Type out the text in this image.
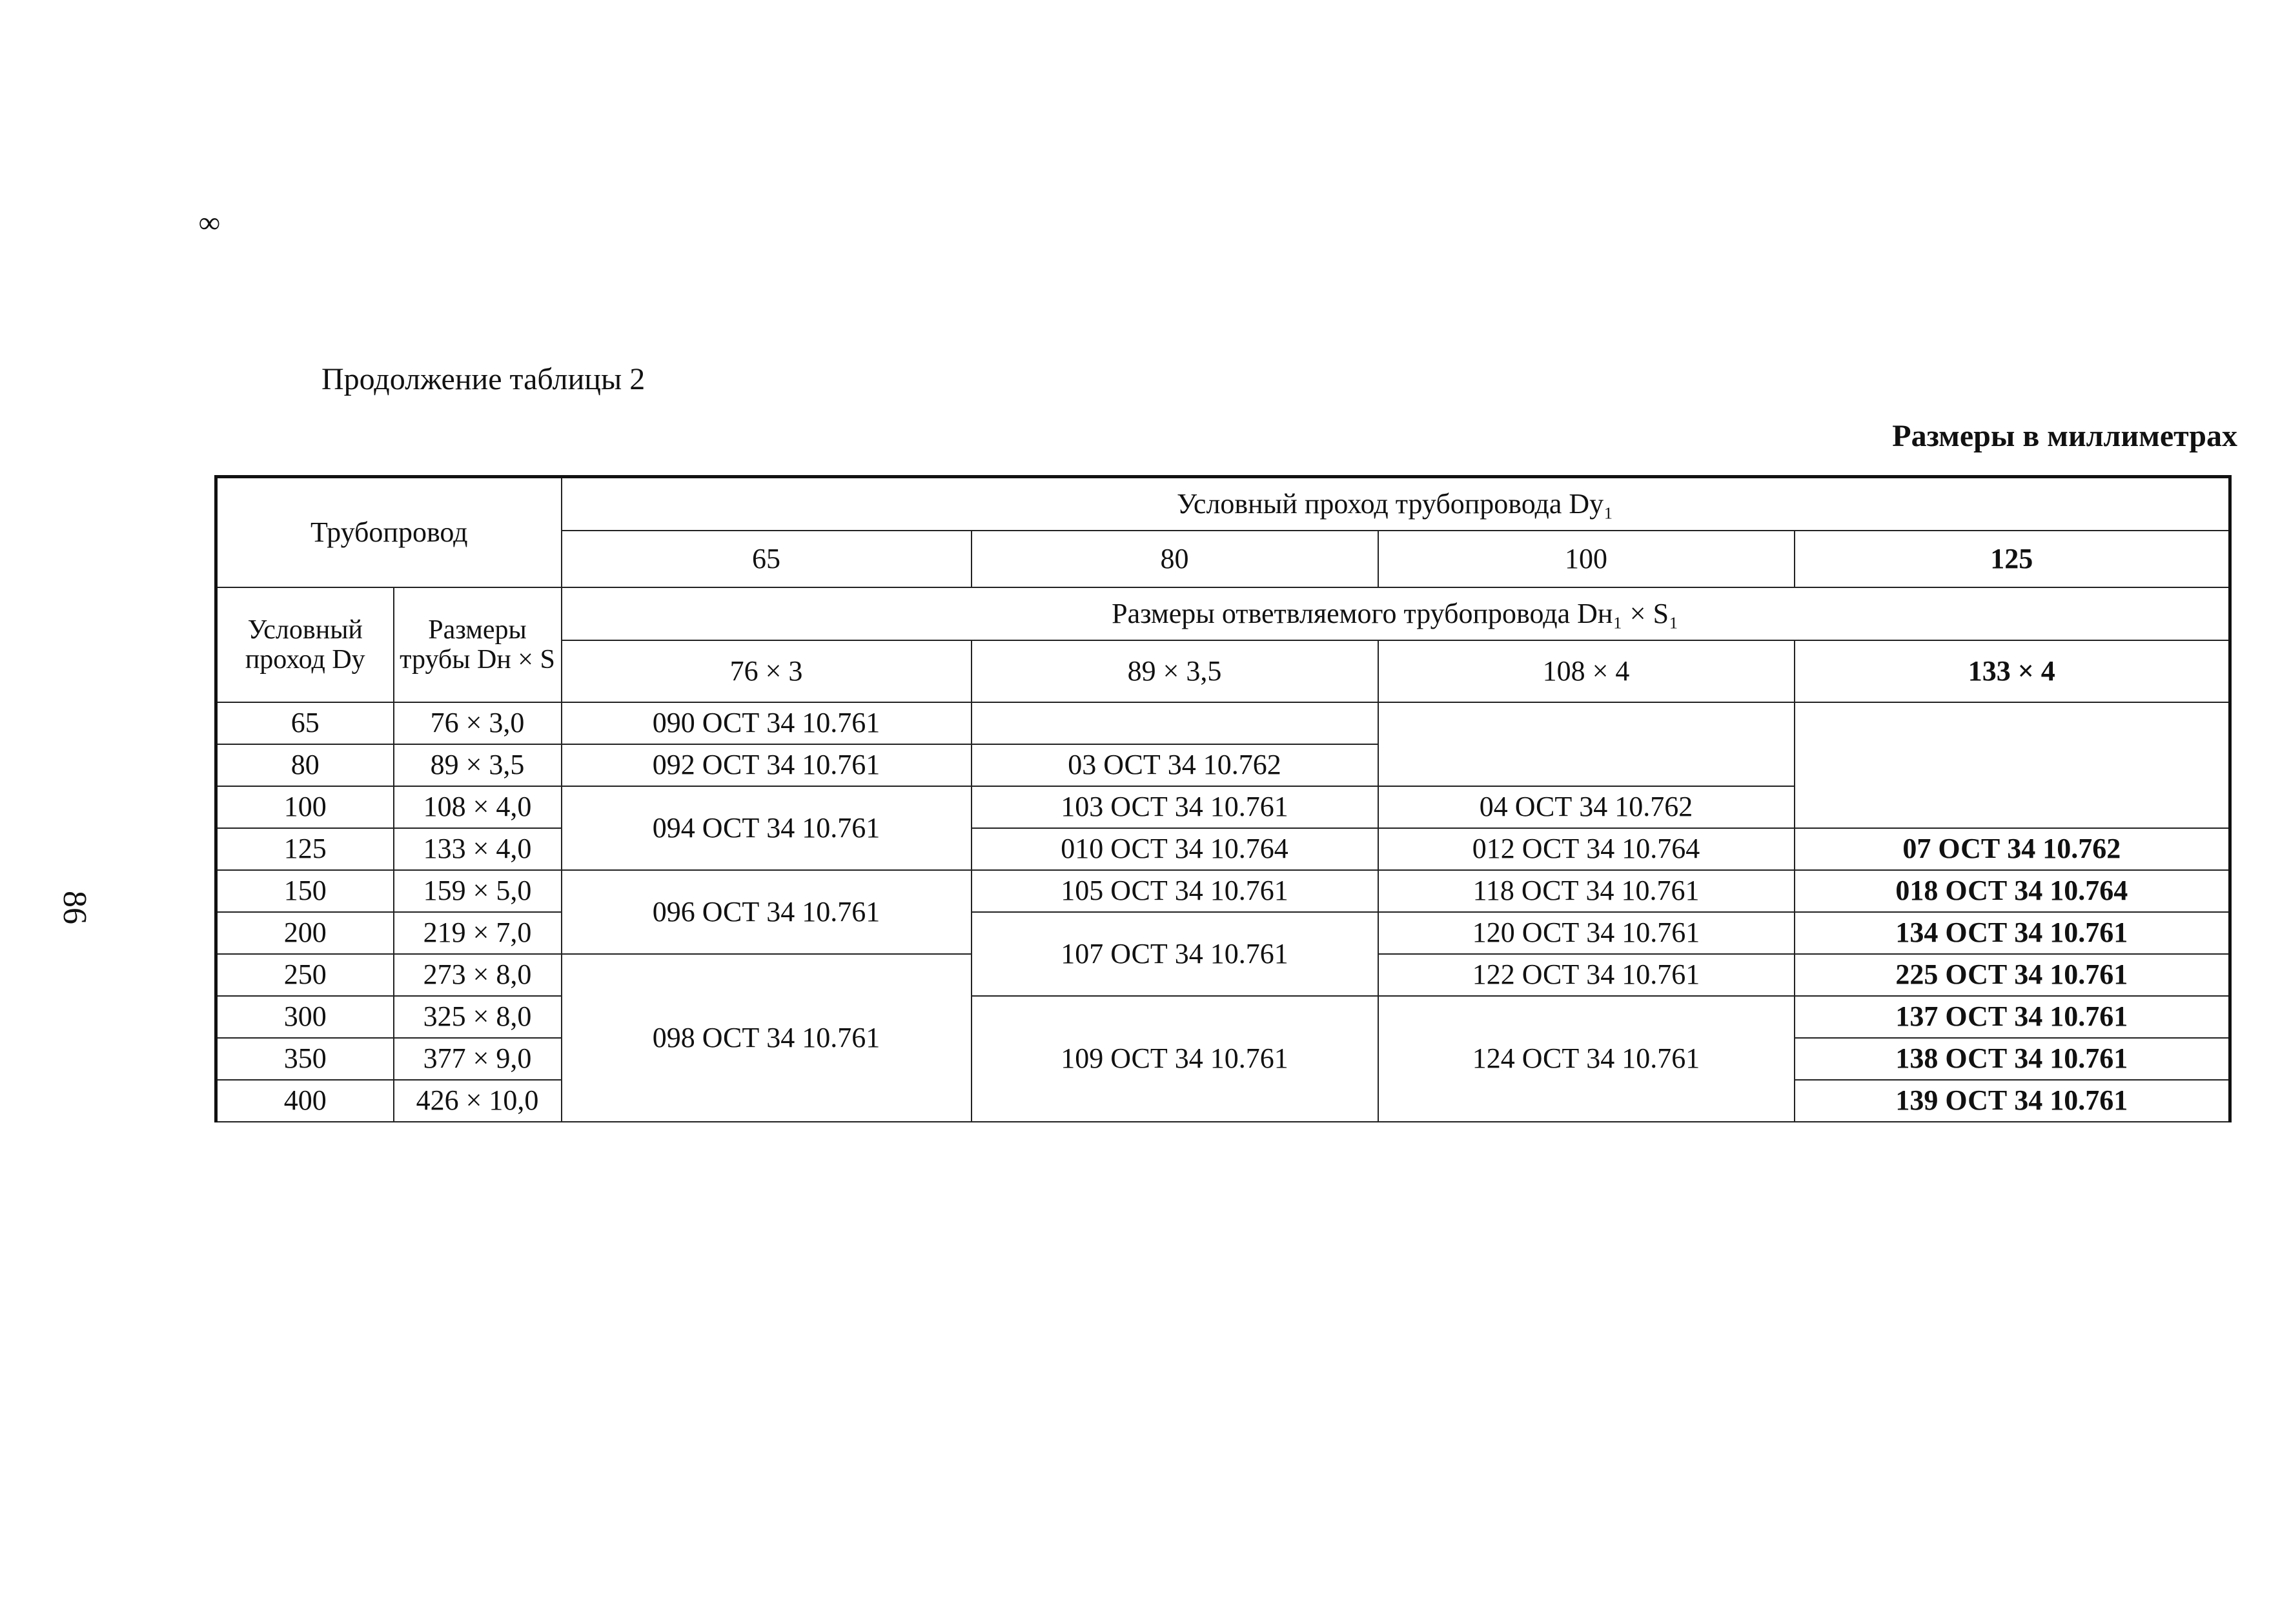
∞
86
Продолжение таблицы 2
Размеры в миллиметрах
Трубопровод		Условный проход трубопровода Dy₁			
		65	80	100	125
Условный проход Dy	Размеры трубы Dн × S	Размеры ответвляемого трубопровода Dн₁ × S₁			
		76 × 3	89 × 3,5	108 × 4	133 × 4
65	76 × 3,0	090 ОСТ 34 10.761			
80	89 × 3,5	092 ОСТ 34 10.761	03 ОСТ 34 10.762		
100	108 × 4,0	094 ОСТ 34 10.761	103 ОСТ 34 10.761	04 ОСТ 34 10.762	
125	133 × 4,0		010 ОСТ 34 10.764	012 ОСТ 34 10.764	07 ОСТ 34 10.762
150	159 × 5,0	096 ОСТ 34 10.761	105 ОСТ 34 10.761	118 ОСТ 34 10.761	018 ОСТ 34 10.764
200	219 × 7,0		107 ОСТ 34 10.761	120 ОСТ 34 10.761	134 ОСТ 34 10.761
250	273 × 8,0	098 ОСТ 34 10.761		122 ОСТ 34 10.761	225 ОСТ 34 10.761
300	325 × 8,0		109 ОСТ 34 10.761	124 ОСТ 34 10.761	137 ОСТ 34 10.761
350	377 × 9,0				138 ОСТ 34 10.761
400	426 × 10,0				139 ОСТ 34 10.761
